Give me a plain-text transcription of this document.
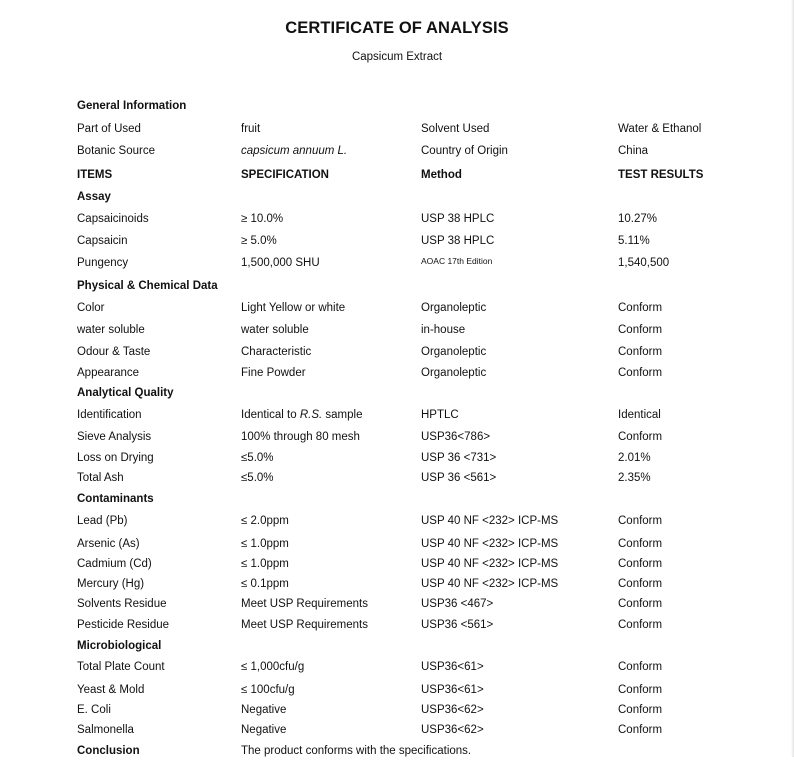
CERTIFICATE OF ANALYSIS
Capsicum Extract
General Information
Part of Used	fruit	Solvent Used	Water & Ethanol
Botanic Source	capsicum annuum L.	Country of Origin	China
ITEMS	SPECIFICATION	Method	TEST RESULTS
Assay
Capsaicinoids	≥ 10.0%	USP 38 HPLC	10.27%
Capsaicin	≥ 5.0%	USP 38 HPLC	5.11%
Pungency	1,500,000 SHU	AOAC 17th Edition	1,540,500
Physical & Chemical Data
Color	Light Yellow or white	Organoleptic	Conform
water soluble	water soluble	in-house	Conform
Odour & Taste	Characteristic	Organoleptic	Conform
Appearance	Fine Powder	Organoleptic	Conform
Analytical Quality
Identification	Identical to R.S. sample	HPTLC	Identical
Sieve Analysis	100% through 80 mesh	USP36<786>	Conform
Loss on Drying	≤5.0%	USP 36 <731>	2.01%
Total Ash	≤5.0%	USP 36 <561>	2.35%
Contaminants
Lead (Pb)	≤ 2.0ppm	USP 40 NF <232> ICP-MS	Conform
Arsenic (As)	≤ 1.0ppm	USP 40 NF <232> ICP-MS	Conform
Cadmium (Cd)	≤ 1.0ppm	USP 40 NF <232> ICP-MS	Conform
Mercury (Hg)	≤ 0.1ppm	USP 40 NF <232> ICP-MS	Conform
Solvents Residue	Meet USP Requirements	USP36 <467>	Conform
Pesticide Residue	Meet USP Requirements	USP36 <561>	Conform
Microbiological
Total Plate Count	≤ 1,000cfu/g	USP36<61>	Conform
Yeast & Mold	≤ 100cfu/g	USP36<61>	Conform
E. Coli	Negative	USP36<62>	Conform
Salmonella	Negative	USP36<62>	Conform
Conclusion	The product conforms with the specifications.
